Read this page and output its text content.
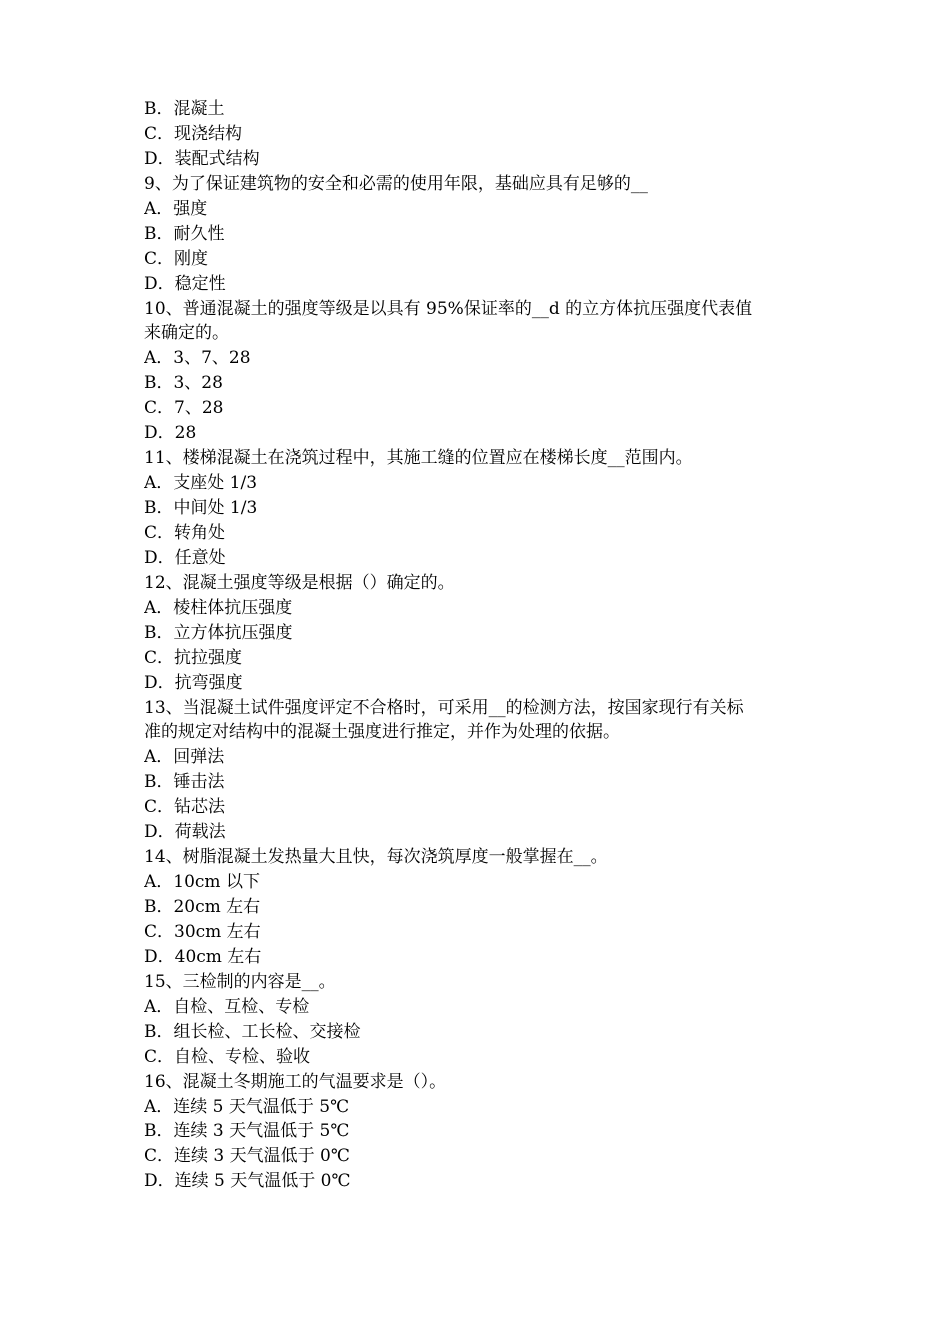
B．混凝土
C．现浇结构
D．装配式结构
9、为了保证建筑物的安全和必需的使用年限，基础应具有足够的__
A．强度
B．耐久性
C．刚度
D．稳定性
10、普通混凝土的强度等级是以具有 95%保证率的__d 的立方体抗压强度代表值
来确定的。
A．3、7、28
B．3、28
C．7、28
D．28
11、楼梯混凝土在浇筑过程中，其施工缝的位置应在楼梯长度__范围内。
A．支座处 1/3
B．中间处 1/3
C．转角处
D．任意处
12、混凝土强度等级是根据（）确定的。
A．棱柱体抗压强度
B．立方体抗压强度
C．抗拉强度
D．抗弯强度
13、当混凝土试件强度评定不合格时，可采用__的检测方法，按国家现行有关标
准的规定对结构中的混凝土强度进行推定，并作为处理的依据。
A．回弹法
B．锤击法
C．钻芯法
D．荷载法
14、树脂混凝土发热量大且快，每次浇筑厚度一般掌握在__。
A．10cm 以下
B．20cm 左右
C．30cm 左右
D．40cm 左右
15、三检制的内容是__。
A．自检、互检、专检
B．组长检、工长检、交接检
C．自检、专检、验收
16、混凝土冬期施工的气温要求是（）。
A．连续 5 天气温低于 5℃
B．连续 3 天气温低于 5℃
C．连续 3 天气温低于 0℃
D．连续 5 天气温低于 0℃
